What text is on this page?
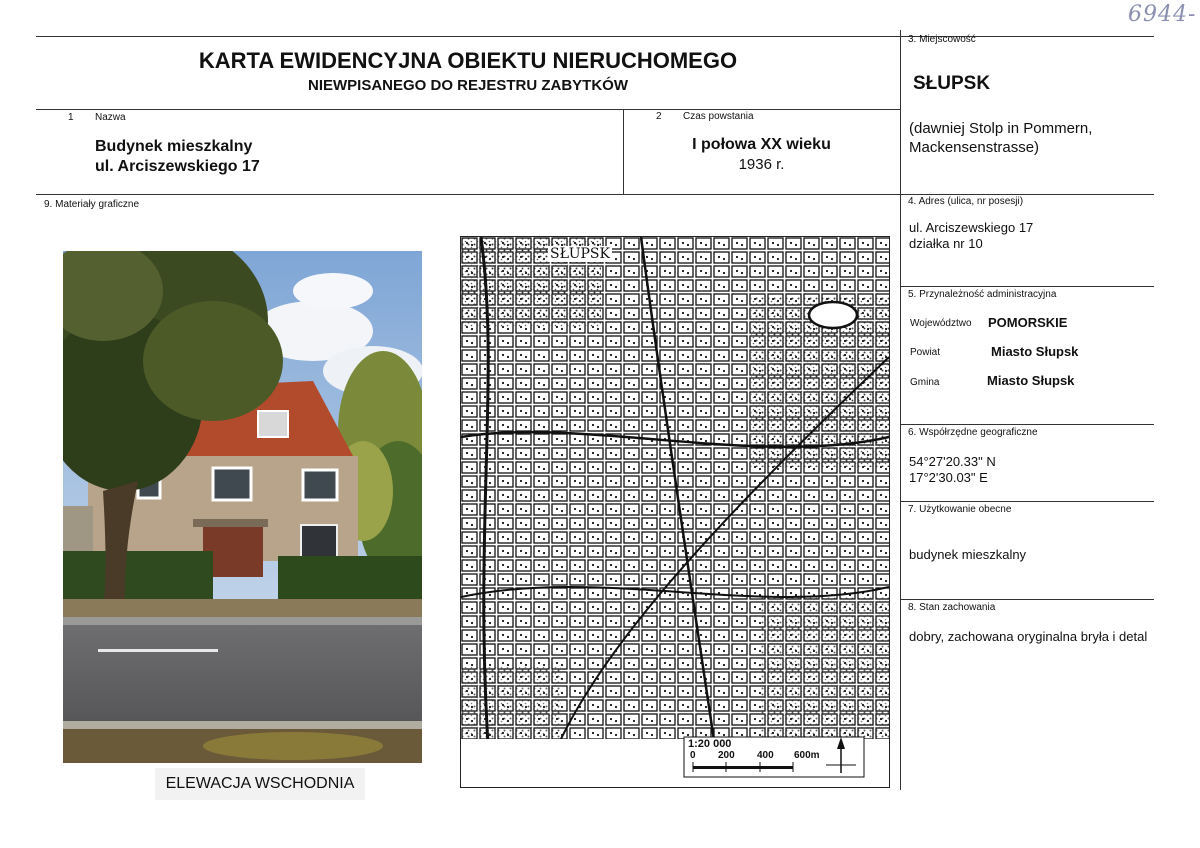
6944-
KARTA EWIDENCYJNA OBIEKTU NIERUCHOMEGO
NIEWPISANEGO DO REJESTRU ZABYTKÓW
1 Nazwa
Budynek mieszkalny
ul. Arciszewskiego 17
2 Czas powstania
I połowa XX wieku
1936 r.
3. Miejscowość
SŁUPSK
(dawniej Stolp in Pommern, Mackensenstrasse)
4. Adres (ulica, nr posesji)
ul. Arciszewskiego 17
działka nr 10
5. Przynależność administracyjna
Województwo POMORSKIE
Powiat	Miasto Słupsk
Gmina	Miasto Słupsk
6. Współrzędne geograficzne
54°27'20.33" N
17°2'30.03" E
7. Użytkowanie obecne
budynek mieszkalny
8. Stan zachowania
dobry, zachowana oryginalna bryła i detal
9. Materiały graficzne
ELEWACJA WSCHODNIA
SŁUPSK
1:20 000
0 200 400 600m
